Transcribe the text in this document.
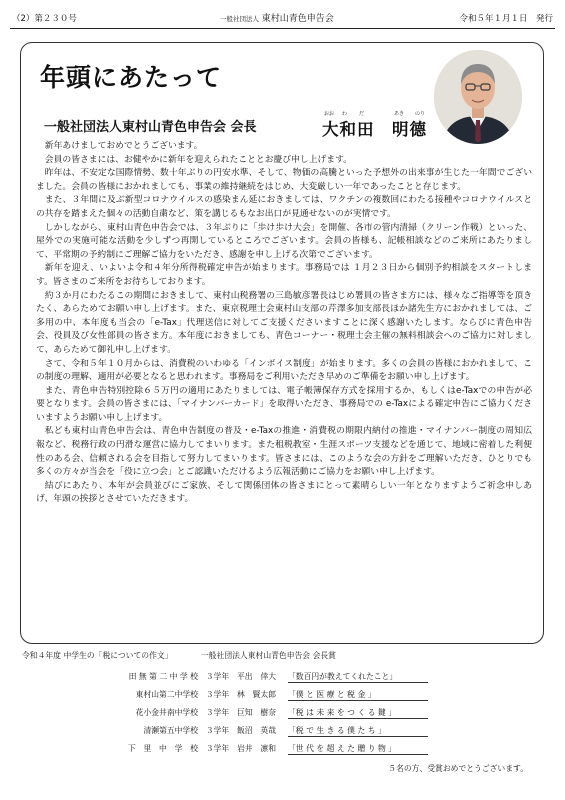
（2）第２３０号	一般社団法人 東村山青色申告会	令和５年１月１日　発行
年頭にあたって
一般社団法人東村山青色申告会 会長
おお わ だ	あき のり
大和田　明德

新年あけましておめでとうございます。

会員の皆さまには、お健やかに新年を迎えられたこととお慶び申し上げます。

昨年は、不安定な国際情勢、数十年ぶりの円安水準、そして、物価の高騰といった予想外の出来事が生じた一年間でございました。会員の皆様におかれましても、事業の維持継続をはじめ、大変厳しい一年であったことと存じます。

また、３年間に及ぶ新型コロナウイルスの感染まん延におきましては、ワクチンの複数回にわたる接種やコロナウイルスとの共存を踏まえた個々の活動自粛など、策を講じるもなお出口が見通せないのが実情です。

しかしながら、東村山青色申告会では、３年ぶりに「歩け歩け大会」を開催、各市の管内清掃（クリーン作戦）といった、屋外での実施可能な活動を少しずつ再開しているところでございます。会員の皆様も、記帳相談などのご来所にあたりまして、平常期の予約制にご理解ご協力をいただき、感謝を申し上げる次第でございます。

新年を迎え、いよいよ令和４年分所得税確定申告が始まります。事務局では １月２３日から個別予約相談をスタートします。皆さまのご来所をお待ちしております。

約３か月にわたるこの期間におきまして、東村山税務署の三島敏彦署長はじめ署員の皆さま方には、様々なご指導等を頂きたく、あらためてお願い申し上げます。また、東京税理士会東村山支部の芹澤多加支部長ほか諸先生方におかれましては、ご多用の中、本年度も当会の「e-Tax」代理送信に対してご支援くださいますことに深く感謝いたします。ならびに青色申告会、役員及び女性部員の皆さま方。本年度におきましても、青色コーナー・税理士会主催の無料相談会へのご協力に対しまして、あらためて御礼申し上げます。

さて、令和５年１０月からは、消費税のいわゆる「インボイス制度」が始まります。多くの会員の皆様におかれまして、この制度の理解、適用が必要となると思われます。事務局をご利用いただき早めのご準備をお願い申し上げます。

また、青色申告特別控除６５万円の適用にあたりましては、電子帳簿保存方式を採用するか、もしくはe-Taxでの申告が必要となります。会員の皆さまには、「マイナンバーカード」を取得いただき、事務局での e-Taxによる確定申告にご協力くださいますようお願い申し上げます。

私ども東村山青色申告会は、青色申告制度の普及・e-Taxの推進・消費税の期限内納付の推進・マイナンバー制度の周知広報など、税務行政の円滑な運営に協力してまいります。また租税教室・生涯スポーツ支援などを通じて、地域に密着した利便性のある会、信頼される会を目指して努力してまいります。皆さまには、このような会の方針をご理解いただき、ひとりでも多くの方々が当会を「役に立つ会」とご認識いただけるよう広報活動にご協力をお願い申し上げます。

結びにあたり、本年が会員並びにご家族、そして関係団体の皆さまにとって素晴らしい一年となりますようご祈念申しあげ、年頭の挨拶とさせていただきます。

令和４年度 中学生の「税についての作文」	一般社団法人東村山青色申告会 会長賞
田 無 第 二 中 学 校　３学年　平出　倖大 「数百円が教えてくれたこと」
東村山第二中学校　３学年　林　賢太郎 「僕 と 医 療 と 税 金 」
花小金井南中学校　３学年　巨知　樹奈 「税 は 未 来 を つ く る 鍵 」
清瀬第五中学校　３学年　飯沼　英哉 「税 で 生 き る 僕 た ち 」
下　里　中　学　校　３学年　岩井　凛和 「世 代 を 超 え た 贈 り 物 」
５名の方、受賞おめでとうございます。
